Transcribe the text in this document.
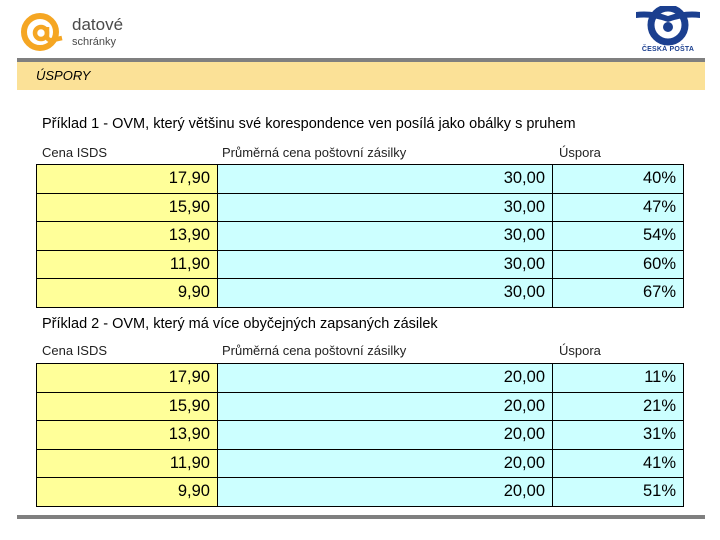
datové
schránky
ČESKÁ POŠTA
ÚSPORY
Příklad 1 - OVM, který většinu své korespondence ven posílá jako obálky s pruhem
Cena ISDS	Průměrná cena poštovní zásilky	Úspora
17,90	30,00	40%
15,90	30,00	47%
13,90	30,00	54%
11,90	30,00	60%
9,90	30,00	67%
Příklad 2 - OVM, který má více obyčejných zapsaných zásilek
Cena ISDS	Průměrná cena poštovní zásilky	Úspora
17,90	20,00	11%
15,90	20,00	21%
13,90	20,00	31%
11,90	20,00	41%
9,90	20,00	51%
